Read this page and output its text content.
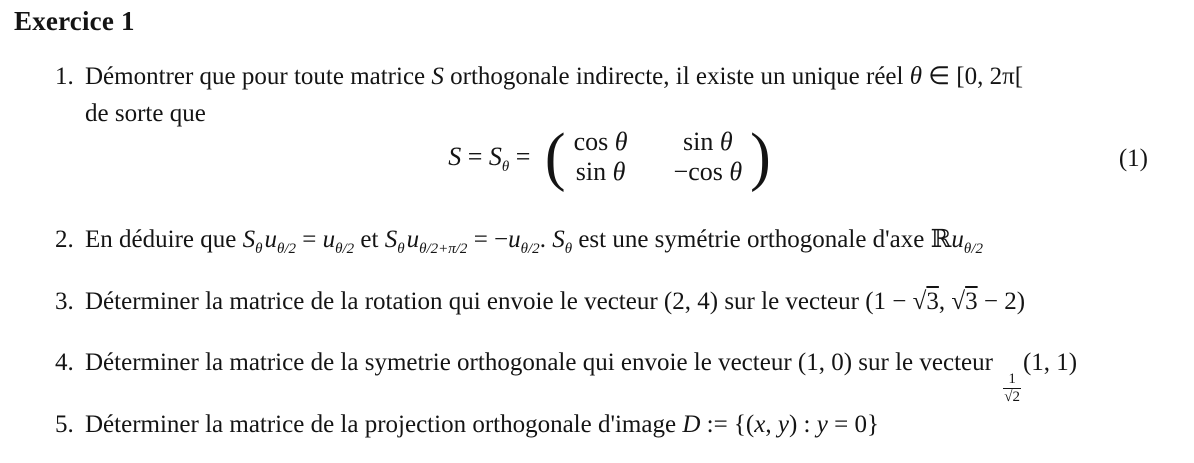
Exercice 1
1. Démontrer que pour toute matrice S orthogonale indirecte, il existe un unique réel θ ∈ [0, 2π[
de sorte que
$S = S_\theta$ = ( cos θ	sin θ
sin θ −cos θ )	(1)
2. En déduire que $S_\theta u_{\theta/2} = u_{\theta/2}$ et $S_\theta u_{\theta/2+\pi/2} = -u_{\theta/2}$. $S_\theta$ est une symétrie orthogonale d'axe ℝu$_{\theta/2}$
3. Déterminer la matrice de la rotation qui envoie le vecteur (2, 4) sur le vecteur (1 − √3, √3 − 2)
4. Déterminer la matrice de la symetrie orthogonale qui envoie le vecteur (1, 0) sur le vecteur
$\frac{1}{√2}$
(1, 1)
5. Déterminer la matrice de la projection orthogonale d'image D := {(x, y) : y = 0}
